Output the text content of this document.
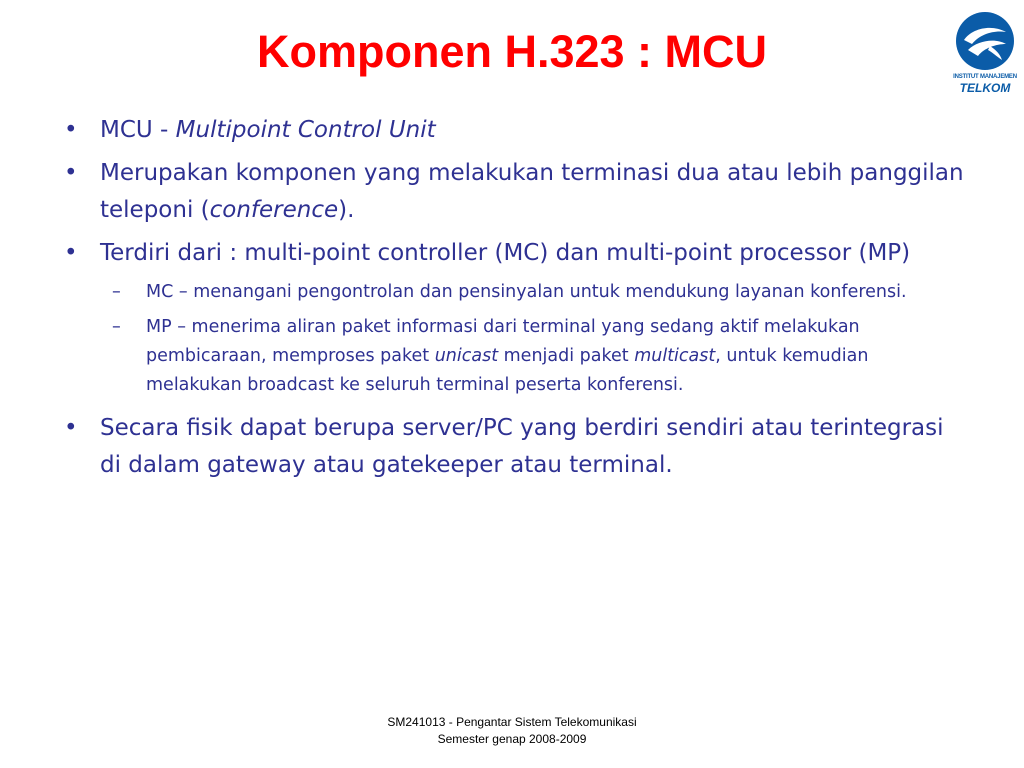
Komponen H.323 : MCU	INSTITUT MANAJEMEN
TELKOM
• MCU - Multipoint Control Unit
• Merupakan komponen yang melakukan terminasi dua atau lebih panggilan teleponi (conference).
• Terdiri dari : multi-point controller (MC) dan multi-point processor (MP)
–	MC – menangani pengontrolan dan pensinyalan untuk mendukung layanan konferensi.
–	MP – menerima aliran paket informasi dari terminal yang sedang aktif melakukan pembicaraan, memproses paket unicast menjadi paket multicast, untuk kemudian melakukan broadcast ke seluruh terminal peserta konferensi.
• Secara fisik dapat berupa server/PC yang berdiri sendiri atau terintegrasi di dalam gateway atau gatekeeper atau terminal.
SM241013 - Pengantar Sistem Telekomunikasi
Semester genap 2008-2009
